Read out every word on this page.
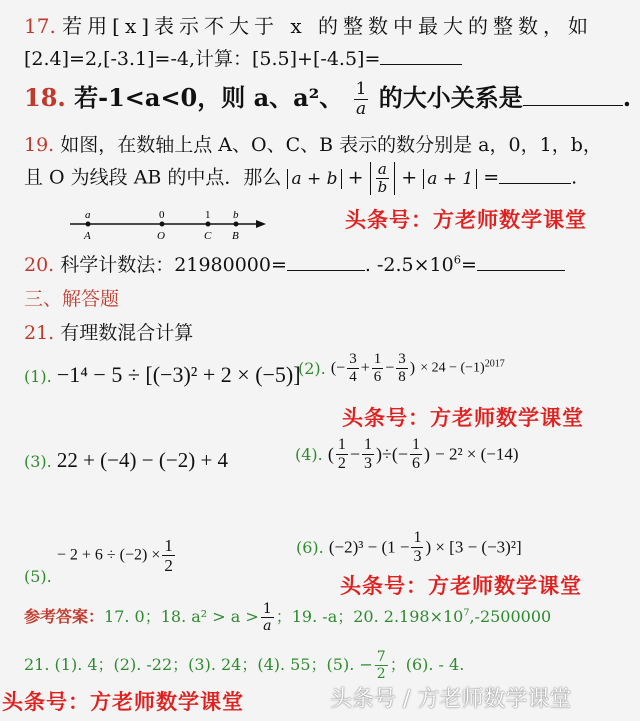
17. 若用[x]表示不大于 x 的整数中最大的整数，如
[2.4]=2,[-3.1]=-4,计算：[5.5]+[-4.5]=
18. 若-1<a<0，则 a、a²、 $\frac{1}{a}$ 的大小关系是	.
19. 如图，在数轴上点 A、O、C、B 表示的数分别是 a，0，1，b，
且 O 为线段 AB 的中点．那么 $a + b + \frac{a}{b} + a + 1$ =	.
a	0	1 b
A	O	C B
头条号：方老师数学课堂
20. 科学计数法：21980000=	. $-2.5\times 10^6=$
三、解答题
21. 有理数混合计算
(1). −1⁴ − 5 ÷ [(−3)² + 2 × (−5)]
(2). (− $\frac{3}{4} + \frac{1}{6} - \frac{3}{8}$ ) × $24 - (-1)^{2017}$
头条号：方老师数学课堂
(3). 22 + (−4) − (−2) + 4	(4). ( $\frac{1}{2} - \frac{1}{3}$ )÷(− $\frac{1}{6}$ ) − 2² × (−14)
(5). − $2 + 6 \div (-2) \times \frac{1}{2}$	(6). $(-2)^3 - (1 - \frac{1}{3}$ ) × [3 − (−3)²]
头条号：方老师数学课堂
参考答案：17. 0；18. $a^2 > a > \frac{1}{a}$ ；19. -a；20. $2.198\times 10^7,-2500000$
21. (1). 4；(2). -22；(3). 24；(4). 55；(5). − $\frac{7}{2}$ ；(6). - 4.
头条号：方老师数学课堂	头条号 / 方老师数学课堂
